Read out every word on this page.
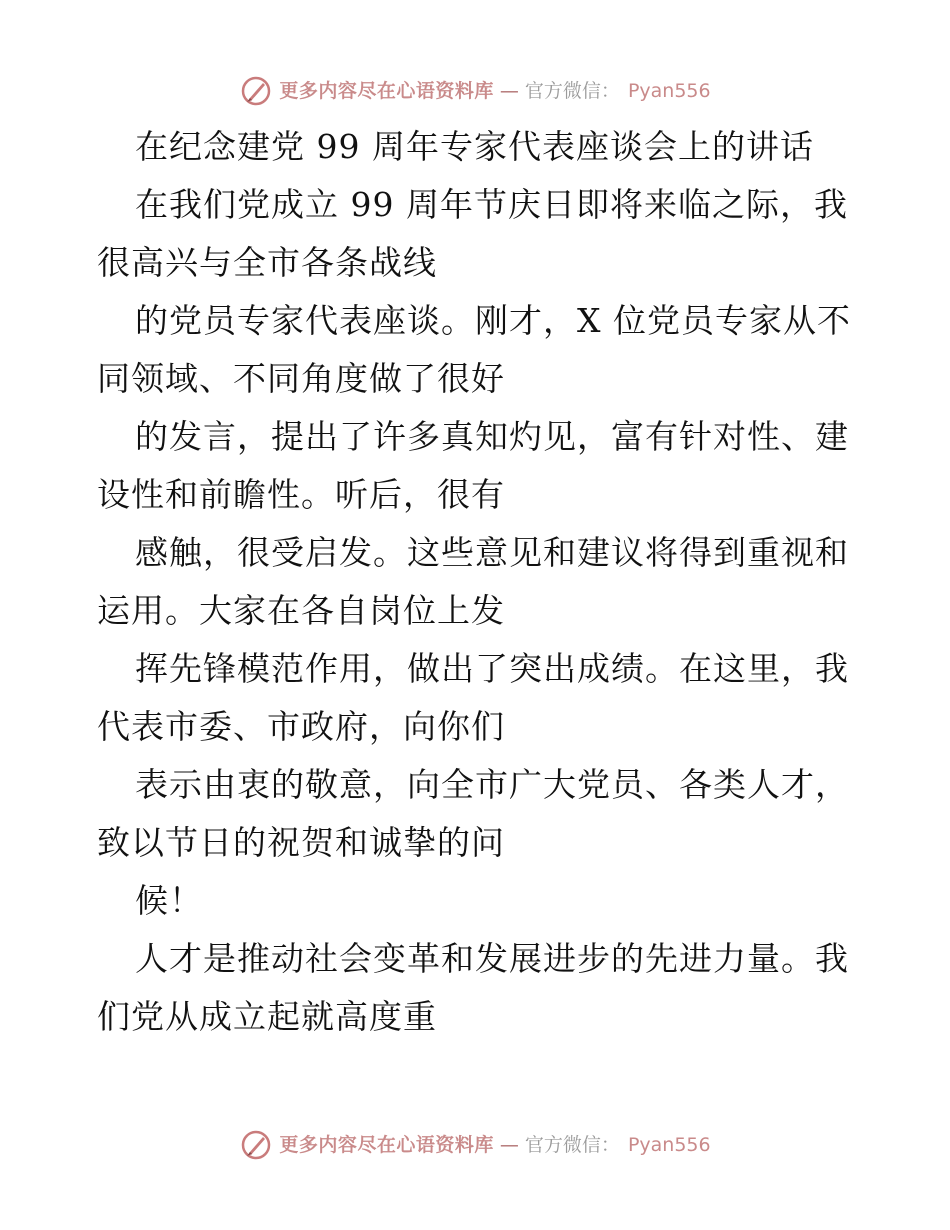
更多内容尽在心语资料库 — 官方微信： Pyan556
在纪念建党 99 周年专家代表座谈会上的讲话
在我们党成立 99 周年节庆日即将来临之际，我
很高兴与全市各条战线
的党员专家代表座谈。刚才，X 位党员专家从不
同领域、不同角度做了很好
的发言，提出了许多真知灼见，富有针对性、建
设性和前瞻性。听后，很有
感触，很受启发。这些意见和建议将得到重视和
运用。大家在各自岗位上发
挥先锋模范作用，做出了突出成绩。在这里，我
代表市委、市政府，向你们
表示由衷的敬意，向全市广大党员、各类人才，
致以节日的祝贺和诚挚的问
候！
人才是推动社会变革和发展进步的先进力量。我
们党从成立起就高度重
更多内容尽在心语资料库 — 官方微信： Pyan556
